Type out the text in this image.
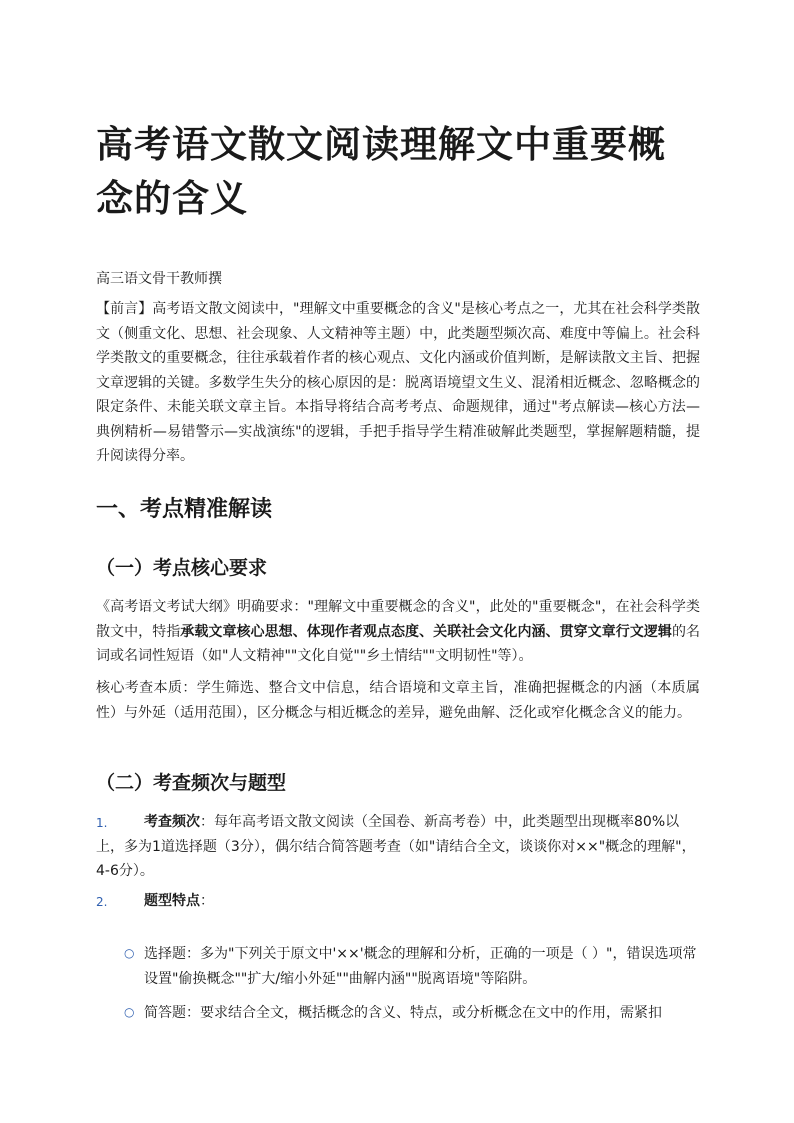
高考语文散文阅读理解文中重要概念的含义
高三语文骨干教师撰

【前言】高考语文散文阅读中，"理解文中重要概念的含义"是核心考点之一，尤其在社会科学类散文（侧重文化、思想、社会现象、人文精神等主题）中，此类题型频次高、难度中等偏上。社会科学类散文的重要概念，往往承载着作者的核心观点、文化内涵或价值判断，是解读散文主旨、把握文章逻辑的关键。多数学生失分的核心原因的是：脱离语境望文生义、混淆相近概念、忽略概念的限定条件、未能关联文章主旨。本指导将结合高考考点、命题规律，通过"考点解读—核心方法—典例精析—易错警示—实战演练"的逻辑，手把手指导学生精准破解此类题型，掌握解题精髓，提升阅读得分率。

一、考点精准解读
（一）考点核心要求

《高考语文考试大纲》明确要求："理解文中重要概念的含义"，此处的"重要概念"，在社会科学类散文中，特指承载文章核心思想、体现作者观点态度、关联社会文化内涵、贯穿文章行文逻辑的名词或名词性短语（如"人文精神""文化自觉""乡土情结""文明韧性"等）。

核心考查本质：学生筛选、整合文中信息，结合语境和文章主旨，准确把握概念的内涵（本质属性）与外延（适用范围），区分概念与相近概念的差异，避免曲解、泛化或窄化概念含义的能力。

（二）考查频次与题型
1.	考查频次：每年高考语文散文阅读（全国卷、新高考卷）中，此类题型出现概率80%以上，多为1道选择题（3分），偶尔结合简答题考查（如"请结合全文，谈谈你对××"概念的理解"，4-6分）。

2.	题型特点：

○ 选择题：多为"下列关于原文中'××'概念的理解和分析，正确的一项是（ ）"，错误选项常设置"偷换概念""扩大/缩小外延""曲解内涵""脱离语境"等陷阱。

○ 简答题：要求结合全文，概括概念的含义、特点，或分析概念在文中的作用，需紧扣
